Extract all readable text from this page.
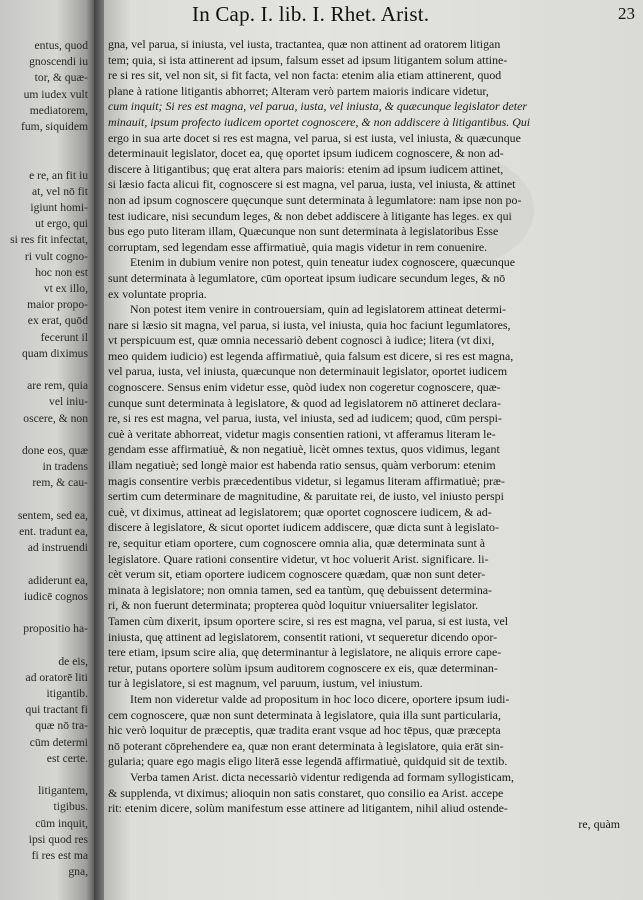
entus, quod
gnoscendi iu
tor, & quæ-
um iudex vult
mediatorem,
fum, siquidem
e re, an fit iu
at, vel nō fit
igiunt homi-
ut ergo, qui
si res fit infectat,
ri vult cogno-
hoc non est
vt ex illo,
maior propo-
ex erat, quōd
fecerunt il
quam diximus
are rem, quia
vel iniu-
oscere, & non
done eos, quæ
in tradens
rem, & cau-
sentem, sed ea,
ent. tradunt ea,
ad instruendi
adiderunt ea,
iudicē cognos
propositio ha-
de eis,
ad oratorē liti
itigantib.
qui tractant fi
quæ nō tra-
cūm determi
est certe.
litigantem,
tigibus.
cūm inquit,
ipsi quod res
fi res est ma
gna,
In Cap. I. lib. I. Rhet. Arist.	23
gna, vel parua, si iniusta, vel iusta, tractantea, quæ non attinent ad oratorem litigan
tem; quia, si ista attinerent ad ipsum, falsum esset ad ipsum litigantem solum attine-
re si res sit, vel non sit, si fit facta, vel non facta: etenim alia etiam attinerent, quod
plane à ratione litigantis abhorret; Alteram verò partem maioris indicare videtur,
cum inquit; Si res est magna, vel parua, iusta, vel iniusta, & quæcunque legislator deter
minauit, ipsum profecto iudicem oportet cognoscere, & non addiscere à litigantibus. Qui
ergo in sua arte docet si res est magna, vel parua, si est iusta, vel iniusta, & quæcunque
determinauit legislator, docet ea, quę oportet ipsum iudicem cognoscere, & non ad-
discere à litigantibus; quę erat altera pars maioris: etenim ad ipsum iudicem attinet,
si læsio facta alicui fit, cognoscere si est magna, vel parua, iusta, vel iniusta, & attinet
non ad ipsum cognoscere quęcunque sunt determinata à legumlatore: nam ipse non po-
test iudicare, nisi secundum leges, & non debet addiscere à litigante has leges. ex qui
bus ego puto literam illam, Quæcunque non sunt determinata à legislatoribus Esse
corruptam, sed legendam esse affirmatiuè, quia magis videtur in rem conuenire.
Etenim in dubium venire non potest, quin teneatur iudex cognoscere, quæcunque
sunt determinata à legumlatore, cūm oporteat ipsum iudicare secundum leges, & nō
ex voluntate propria.
Non potest item venire in controuersiam, quin ad legislatorem attineat determi-
nare si læsio sit magna, vel parua, si iusta, vel iniusta, quia hoc faciunt legumlatores,
vt perspicuum est, quæ omnia necessariò debent cognosci à iudice; litera (vt dixi,
meo quidem iudicio) est legenda affirmatiuè, quia falsum est dicere, si res est magna,
vel parua, iusta, vel iniusta, quæcunque non determinauit legislator, oportet iudicem
cognoscere. Sensus enim videtur esse, quòd iudex non cogeretur cognoscere, quæ-
cunque sunt determinata à legislatore, & quod ad legislatorem nō attineret declara-
re, si res est magna, vel parua, iusta, vel iniusta, sed ad iudicem; quod, cūm perspi-
cuè à veritate abhorreat, videtur magis consentien rationi, vt afferamus literam le-
gendam esse affirmatiuè, & non negatiuè, licèt omnes textus, quos vidimus, legant
illam negatiuè; sed longè maior est habenda ratio sensus, quàm verborum: etenim
magis consentire verbis præcedentibus videtur, si legamus literam affirmatiuè; præ-
sertim cum determinare de magnitudine, & paruitate rei, de iusto, vel iniusto perspi
cuè, vt diximus, attineat ad legislatorem; quæ oportet cognoscere iudicem, & ad-
discere à legislatore, & sicut oportet iudicem addiscere, quæ dicta sunt à legislato-
re, sequitur etiam oportere, cum cognoscere omnia alia, quæ determinata sunt à
legislatore. Quare rationi consentire videtur, vt hoc voluerit Arist. significare. li-
cèt verum sit, etiam oportere iudicem cognoscere quædam, quæ non sunt deter-
minata à legislatore; non omnia tamen, sed ea tantùm, quę debuissent determina-
ri, & non fuerunt determinata; propterea quòd loquitur vniuersaliter legislator.
Tamen cùm dixerit, ipsum oportere scire, si res est magna, vel parua, si est iusta, vel
iniusta, quę attinent ad legislatorem, consentit rationi, vt sequeretur dicendo opor-
tere etiam, ipsum scire alia, quę determinantur à legislatore, ne aliquis errore cape-
retur, putans oportere solùm ipsum auditorem cognoscere ex eis, quæ determinan-
tur à legislatore, si est magnum, vel paruum, iustum, vel iniustum.
Item non videretur valde ad propositum in hoc loco dicere, oportere ipsum iudi-
cem cognoscere, quæ non sunt determinata à legislatore, quia illa sunt particularia,
hic verò loquitur de præceptis, quæ tradita erant vsque ad hoc tēpus, quæ præcepta
nō poterant cōprehendere ea, quæ non erant determinata à legislatore, quia erāt sin-
gularia; quare ego magis eligo literā esse legendā affirmatiuè, quidquid sit de textib.
Verba tamen Arist. dicta necessariò videntur redigenda ad formam syllogisticam,
& supplenda, vt diximus; alioquin non satis constaret, quo consilio ea Arist. accepe
rit: etenim dicere, solùm manifestum esse attinere ad litigantem, nihil aliud ostende-
re, quàm
